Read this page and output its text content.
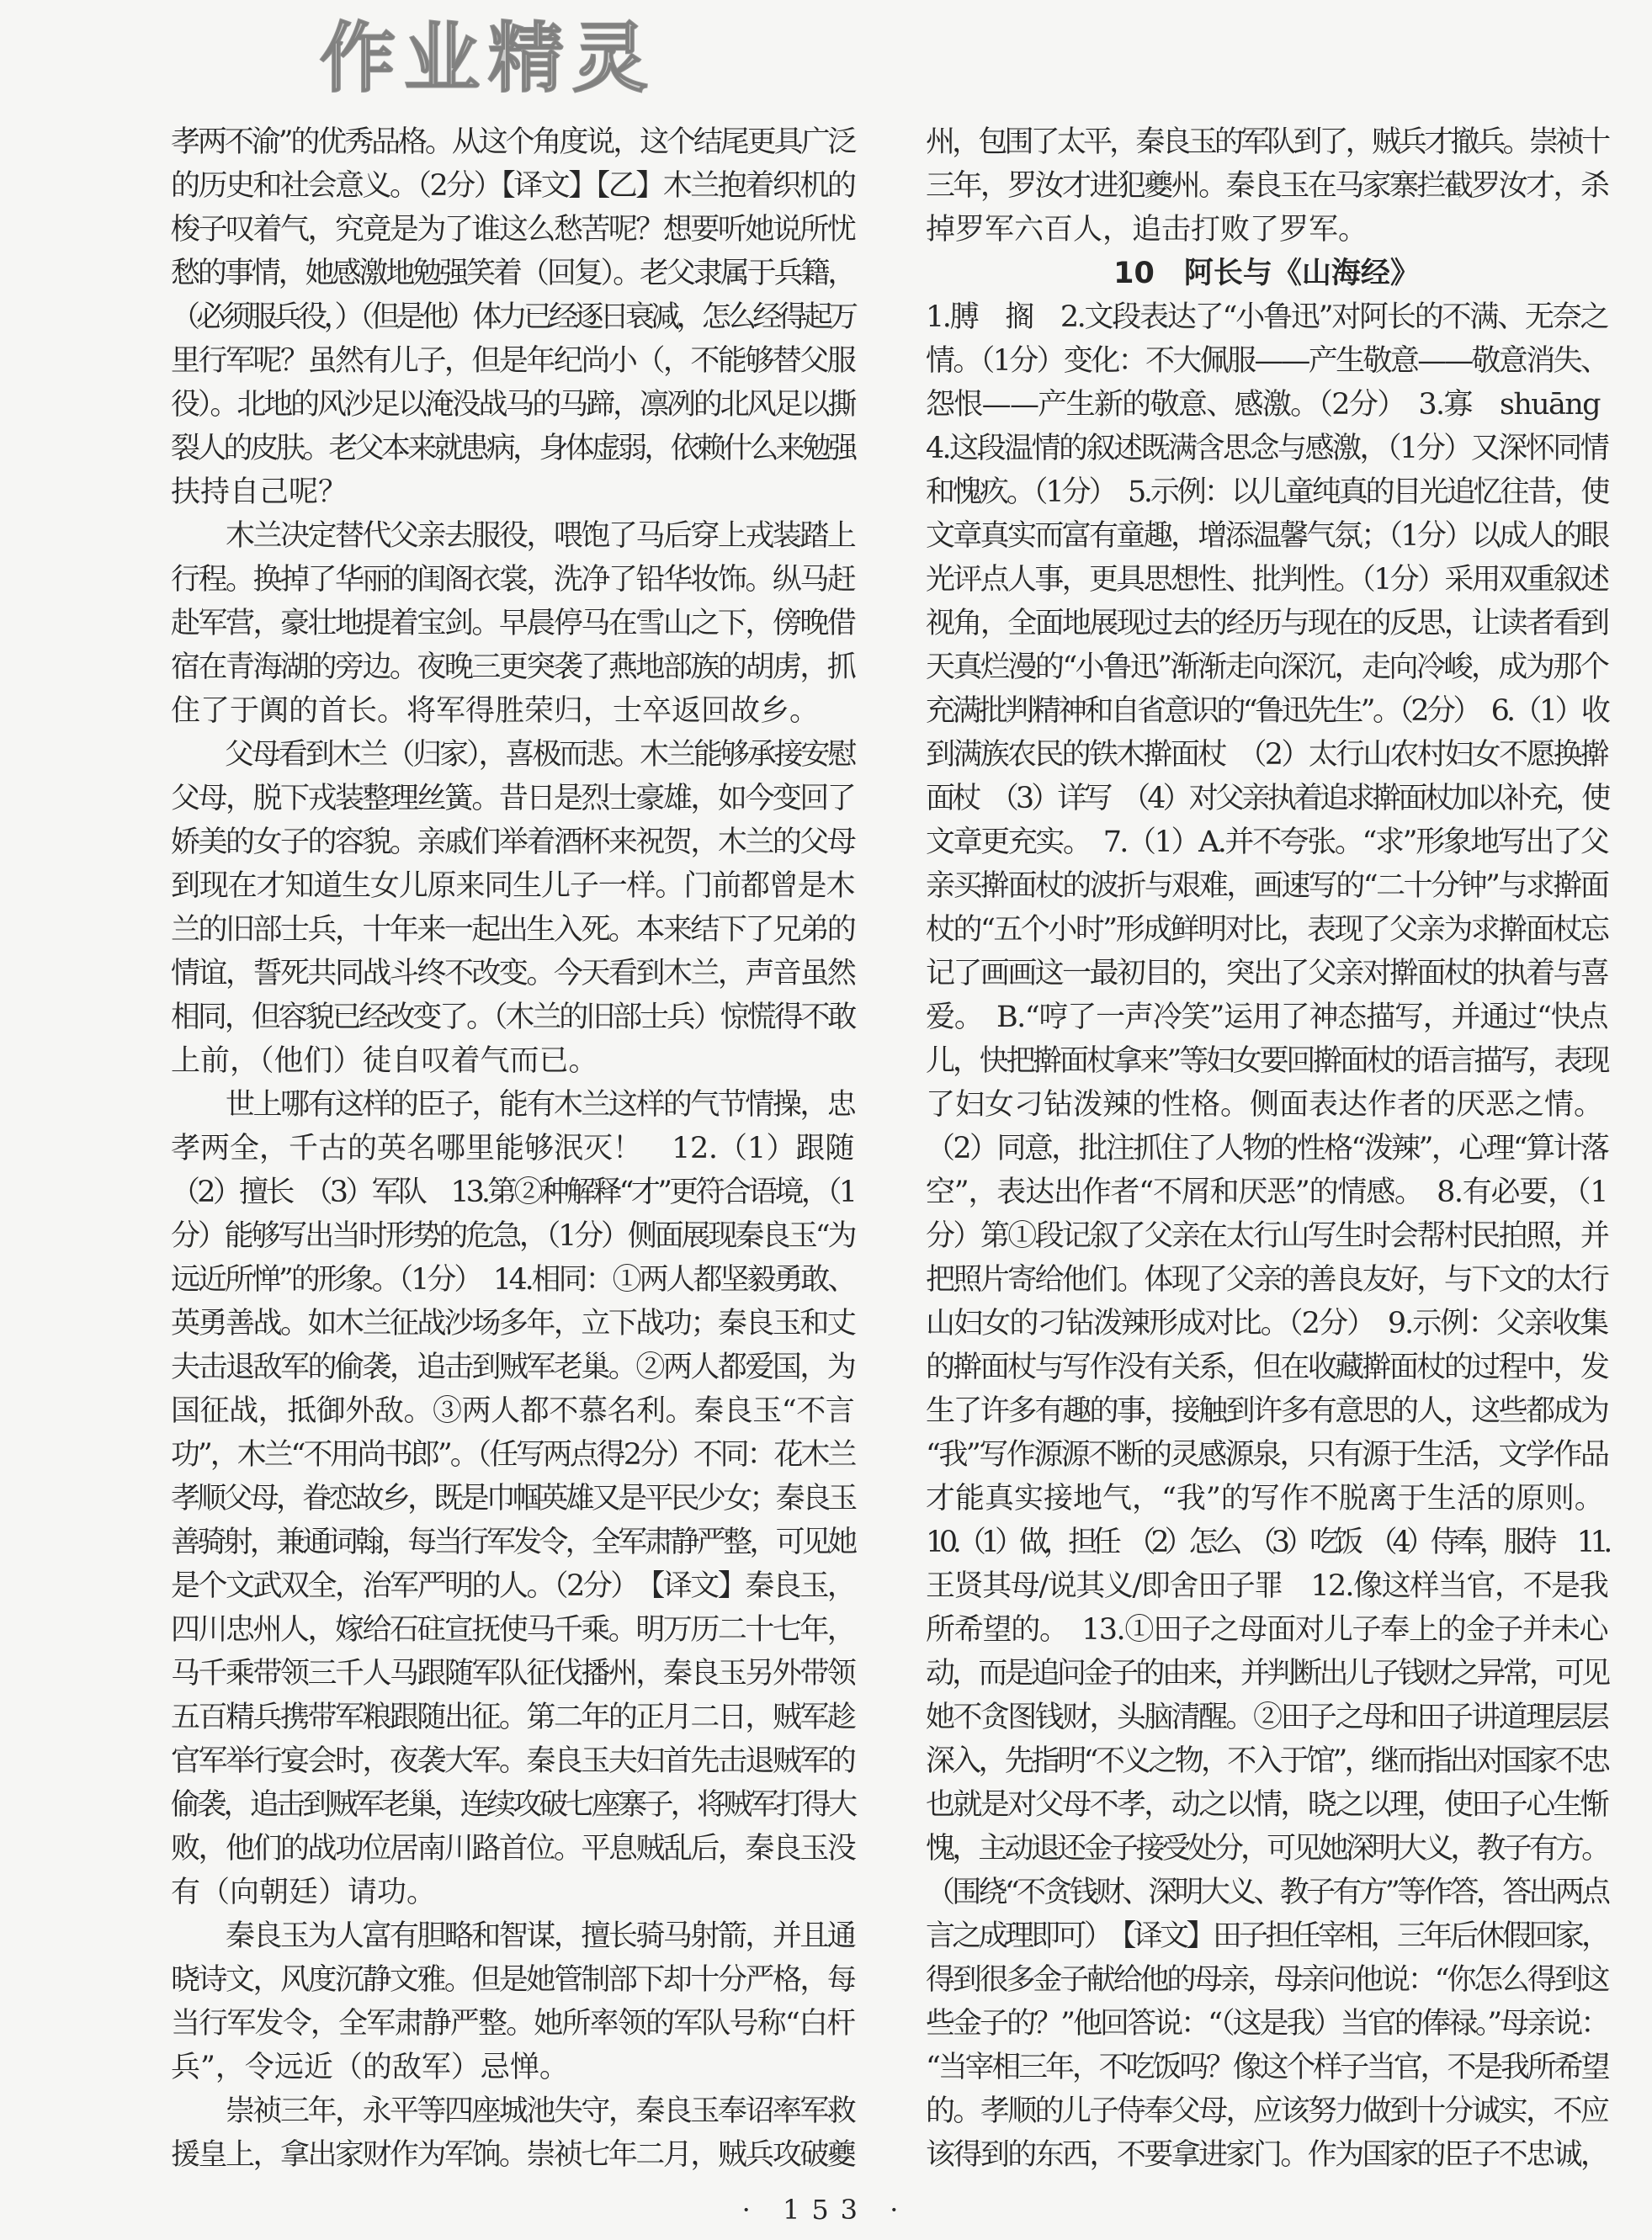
作业精灵
孝两不渝”的优秀品格。从这个角度说，这个结尾更具广泛
的历史和社会意义。（2分）【译文】【乙】木兰抱着织机的
梭子叹着气，究竟是为了谁这么愁苦呢？想要听她说所忧
愁的事情，她感激地勉强笑着（回复）。老父隶属于兵籍，
（必须服兵役，）（但是他）体力已经逐日衰减，怎么经得起万
里行军呢？虽然有儿子，但是年纪尚小（，不能够替父服
役）。北地的风沙足以淹没战马的马蹄，凛冽的北风足以撕
裂人的皮肤。老父本来就患病，身体虚弱，依赖什么来勉强
扶持自己呢？
　　木兰决定替代父亲去服役，喂饱了马后穿上戎装踏上
行程。换掉了华丽的闺阁衣裳，洗净了铅华妆饰。纵马赶
赴军营，豪壮地提着宝剑。早晨停马在雪山之下，傍晚借
宿在青海湖的旁边。夜晚三更突袭了燕地部族的胡虏，抓
住了于阗的首长。将军得胜荣归，士卒返回故乡。
　　父母看到木兰（归家），喜极而悲。木兰能够承接安慰
父母，脱下戎装整理丝簧。昔日是烈士豪雄，如今变回了
娇美的女子的容貌。亲戚们举着酒杯来祝贺，木兰的父母
到现在才知道生女儿原来同生儿子一样。门前都曾是木
兰的旧部士兵，十年来一起出生入死。本来结下了兄弟的
情谊，誓死共同战斗终不改变。今天看到木兰，声音虽然
相同，但容貌已经改变了。（木兰的旧部士兵）惊慌得不敢
上前，（他们）徒自叹着气而已。
　　世上哪有这样的臣子，能有木兰这样的气节情操，忠
孝两全，千古的英名哪里能够泯灭！　12.（1）跟随
（2）擅长　（3）军队　13.第②种解释“才”更符合语境，（1
分）能够写出当时形势的危急，（1分）侧面展现秦良玉“为
远近所惮”的形象。（1分）　14.相同：①两人都坚毅勇敢、
英勇善战。如木兰征战沙场多年，立下战功；秦良玉和丈
夫击退敌军的偷袭，追击到贼军老巢。②两人都爱国，为
国征战，抵御外敌。③两人都不慕名利。秦良玉“不言
功”，木兰“不用尚书郎”。（任写两点得2分）不同：花木兰
孝顺父母，眷恋故乡，既是巾帼英雄又是平民少女；秦良玉
善骑射，兼通词翰，每当行军发令，全军肃静严整，可见她
是个文武双全，治军严明的人。（2分）　【译文】秦良玉，
四川忠州人，嫁给石砫宣抚使马千乘。明万历二十七年，
马千乘带领三千人马跟随军队征伐播州，秦良玉另外带领
五百精兵携带军粮跟随出征。第二年的正月二日，贼军趁
官军举行宴会时，夜袭大军。秦良玉夫妇首先击退贼军的
偷袭，追击到贼军老巢，连续攻破七座寨子，将贼军打得大
败，他们的战功位居南川路首位。平息贼乱后，秦良玉没
有（向朝廷）请功。
　　秦良玉为人富有胆略和智谋，擅长骑马射箭，并且通
晓诗文，风度沉静文雅。但是她管制部下却十分严格，每
当行军发令，全军肃静严整。她所率领的军队号称“白杆
兵”，令远近（的敌军）忌惮。
　　崇祯三年，永平等四座城池失守，秦良玉奉诏率军救
援皇上，拿出家财作为军饷。崇祯七年二月，贼兵攻破夔
州，包围了太平，秦良玉的军队到了，贼兵才撤兵。崇祯十
三年，罗汝才进犯夔州。秦良玉在马家寨拦截罗汝才，杀
掉罗军六百人，追击打败了罗军。
10　阿长与《山海经》
1.膊　搁　2.文段表达了“小鲁迅”对阿长的不满、无奈之
情。（1分）变化：不大佩服——产生敬意——敬意消失、
怨恨——产生新的敬意、感激。（2分）　3.寡　shuāng
4.这段温情的叙述既满含思念与感激，（1分）又深怀同情
和愧疚。（1分）　5.示例：以儿童纯真的目光追忆往昔，使
文章真实而富有童趣，增添温馨气氛；（1分）以成人的眼
光评点人事，更具思想性、批判性。（1分）采用双重叙述
视角，全面地展现过去的经历与现在的反思，让读者看到
天真烂漫的“小鲁迅”渐渐走向深沉，走向冷峻，成为那个
充满批判精神和自省意识的“鲁迅先生”。（2分）　6.（1）收
到满族农民的铁木擀面杖　（2）太行山农村妇女不愿换擀
面杖　（3）详写　（4）对父亲执着追求擀面杖加以补充，使
文章更充实。　7.（1）A.并不夸张。“求”形象地写出了父
亲买擀面杖的波折与艰难，画速写的“二十分钟”与求擀面
杖的“五个小时”形成鲜明对比，表现了父亲为求擀面杖忘
记了画画这一最初目的，突出了父亲对擀面杖的执着与喜
爱。　B.“哼了一声冷笑”运用了神态描写，并通过“快点
儿，快把擀面杖拿来”等妇女要回擀面杖的语言描写，表现
了妇女刁钻泼辣的性格。侧面表达作者的厌恶之情。
（2）同意，批注抓住了人物的性格“泼辣”，心理“算计落
空”，表达出作者“不屑和厌恶”的情感。　8.有必要，（1
分）第①段记叙了父亲在太行山写生时会帮村民拍照，并
把照片寄给他们。体现了父亲的善良友好，与下文的太行
山妇女的刁钻泼辣形成对比。（2分）　9.示例：父亲收集
的擀面杖与写作没有关系，但在收藏擀面杖的过程中，发
生了许多有趣的事，接触到许多有意思的人，这些都成为
“我”写作源源不断的灵感源泉，只有源于生活，文学作品
才能真实接地气，“我”的写作不脱离于生活的原则。
10.（1）做，担任　（2）怎么　（3）吃饭　（4）侍奉，服侍　11.
王贤其母/说其义/即舍田子罪　12.像这样当官，不是我
所希望的。　13.①田子之母面对儿子奉上的金子并未心
动，而是追问金子的由来，并判断出儿子钱财之异常，可见
她不贪图钱财，头脑清醒。②田子之母和田子讲道理层层
深入，先指明“不义之物，不入于馆”，继而指出对国家不忠
也就是对父母不孝，动之以情，晓之以理，使田子心生惭
愧，主动退还金子接受处分，可见她深明大义，教子有方。
（围绕“不贪钱财、深明大义、教子有方”等作答，答出两点
言之成理即可）　【译文】田子担任宰相，三年后休假回家，
得到很多金子献给他的母亲，母亲问他说：“你怎么得到这
些金子的？”他回答说：“（这是我）当官的俸禄。”母亲说：
“当宰相三年，不吃饭吗？像这个样子当官，不是我所希望
的。孝顺的儿子侍奉父母，应该努力做到十分诚实，不应
该得到的东西，不要拿进家门。作为国家的臣子不忠诚，
· 153 ·
